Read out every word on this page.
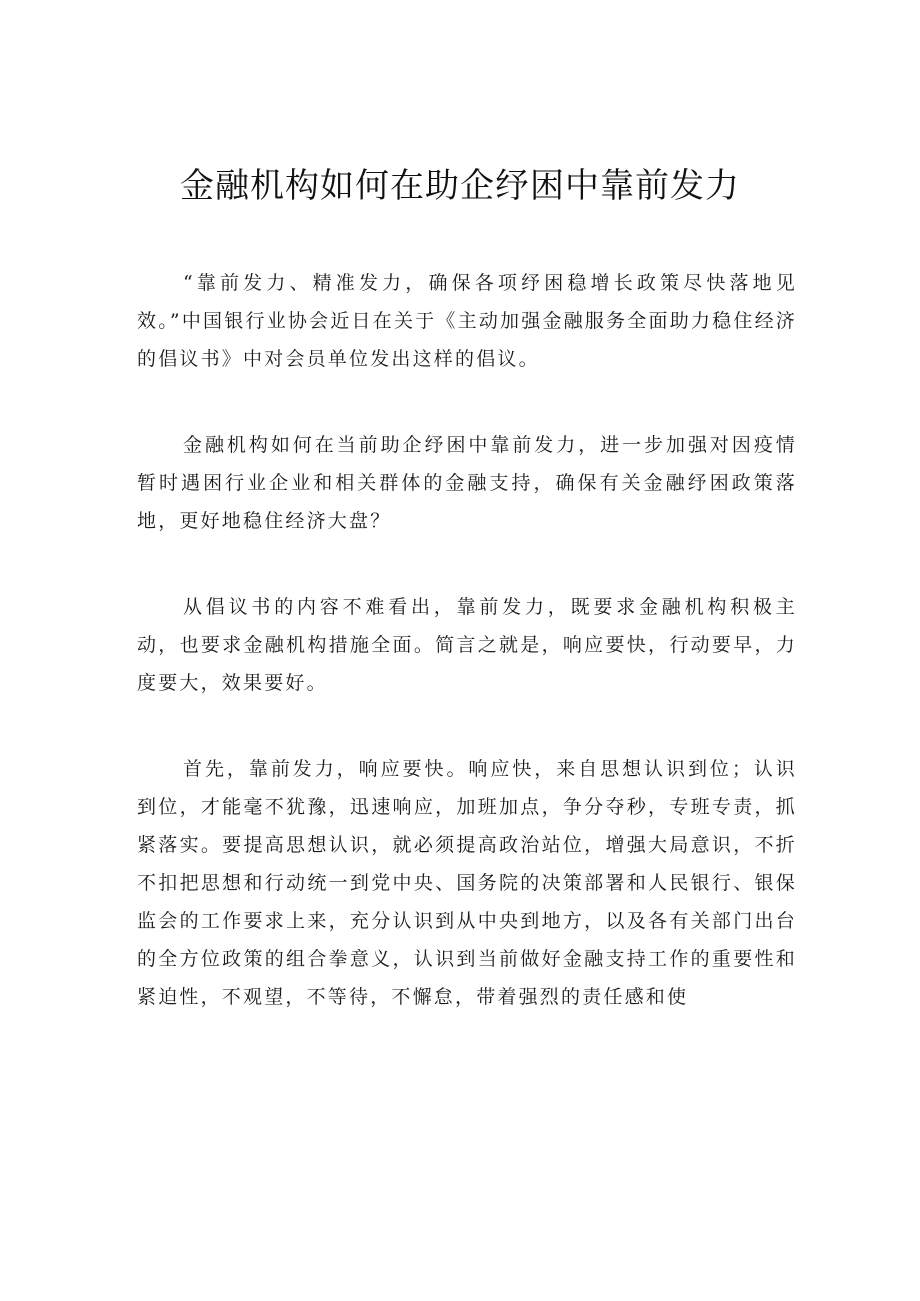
金融机构如何在助企纾困中靠前发力

“靠前发力、精准发力，确保各项纾困稳增长政策尽快落地见效。”中国银行业协会近日在关于《主动加强金融服务全面助力稳住经济的倡议书》中对会员单位发出这样的倡议。

金融机构如何在当前助企纾困中靠前发力，进一步加强对因疫情暂时遇困行业企业和相关群体的金融支持，确保有关金融纾困政策落地，更好地稳住经济大盘？

从倡议书的内容不难看出，靠前发力，既要求金融机构积极主动，也要求金融机构措施全面。简言之就是，响应要快，行动要早，力度要大，效果要好。

首先，靠前发力，响应要快。响应快，来自思想认识到位；认识到位，才能毫不犹豫，迅速响应，加班加点，争分夺秒，专班专责，抓紧落实。要提高思想认识，就必须提高政治站位，增强大局意识，不折不扣把思想和行动统一到党中央、国务院的决策部署和人民银行、银保监会的工作要求上来，充分认识到从中央到地方，以及各有关部门出台的全方位政策的组合拳意义，认识到当前做好金融支持工作的重要性和紧迫性，不观望，不等待，不懈怠，带着强烈的责任感和使
